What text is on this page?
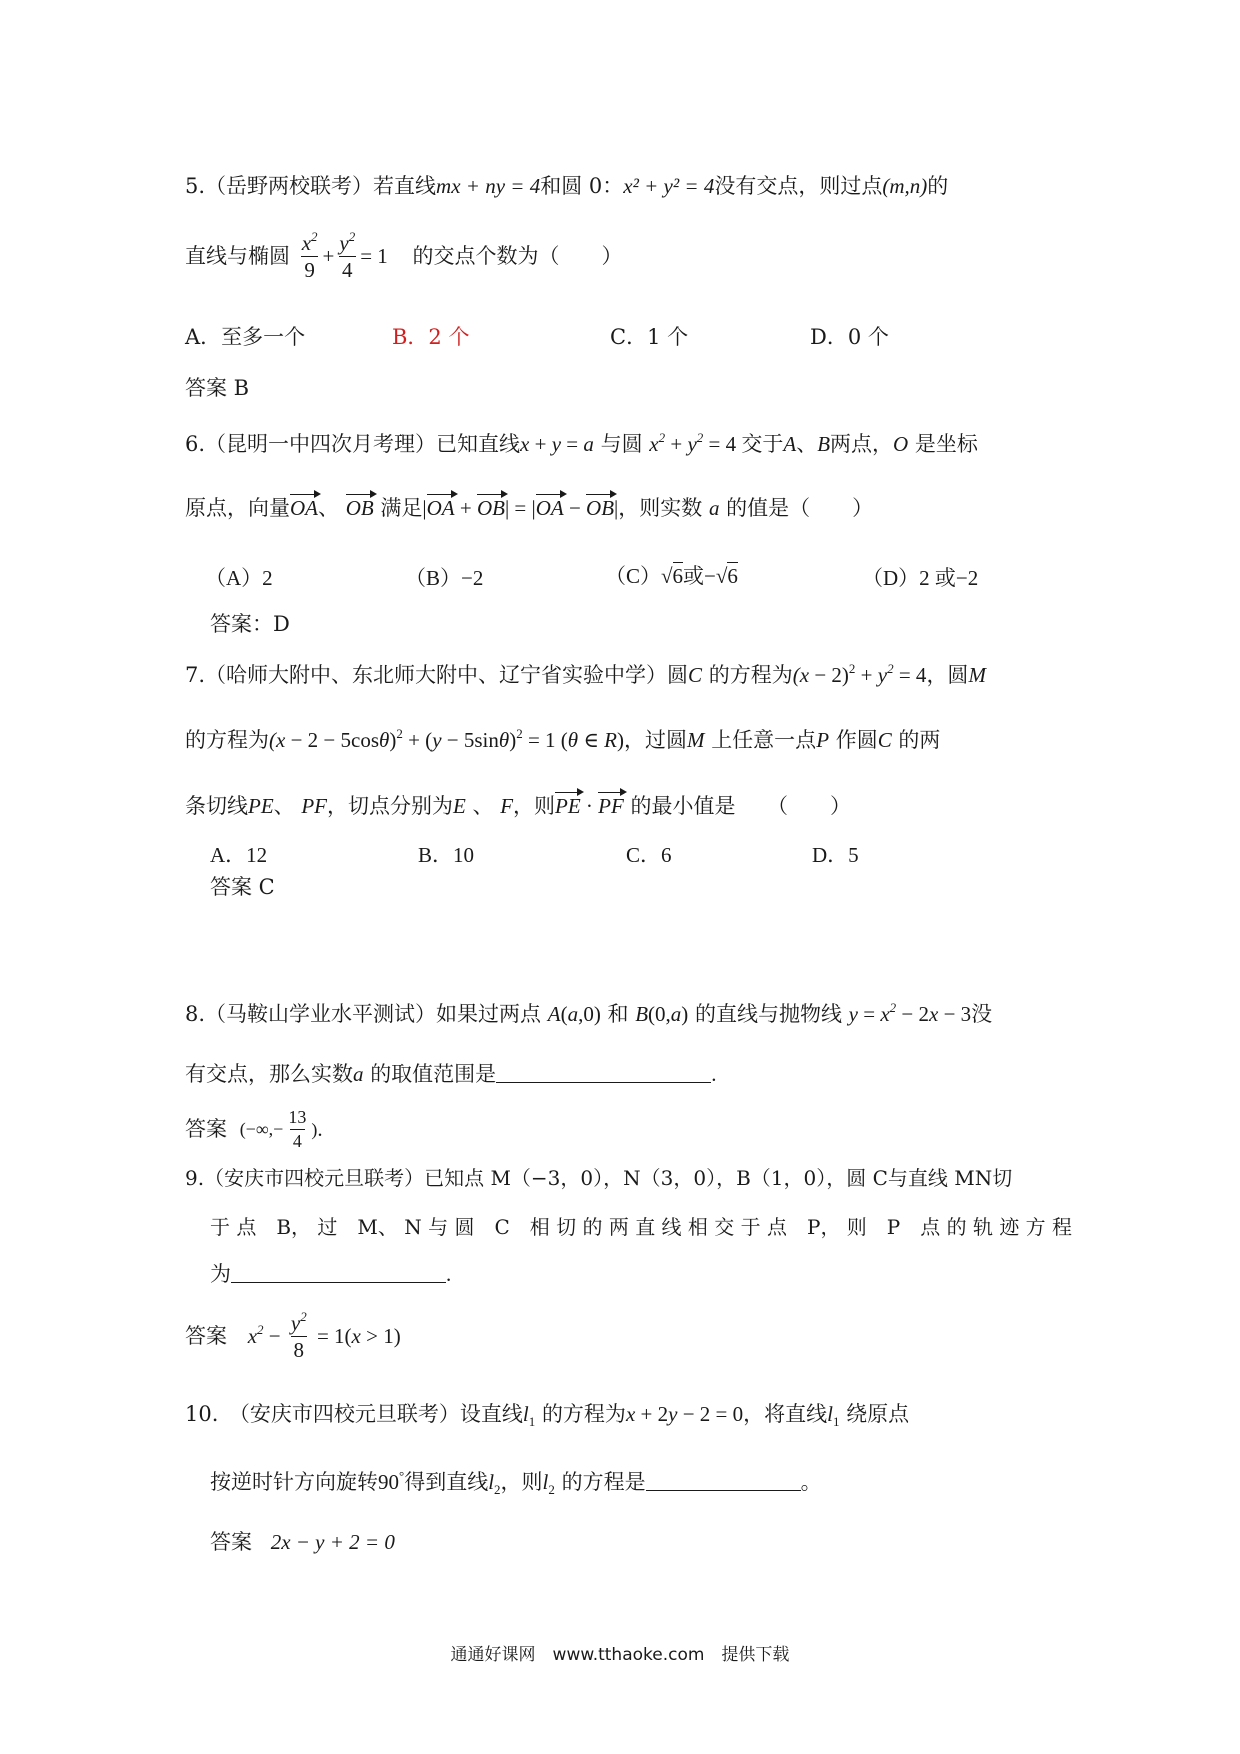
5.（岳野两校联考）若直线mx + ny = 4和圆 0：x² + y² = 4没有交点，则过点(m,n)的
直线与椭圆 $\frac{x^2}{9} + \frac{y^2}{4} = 1$ 的交点个数为（　　）
A．至多一个	B．2 个	C．1 个	D．0 个
答案 B
6.（昆明一中四次月考理）已知直线x + y = a 与圆 $x^2 + y^2 = 4$ 交于A、B两点，O 是坐标
原点，向量OA、 OB 满足|OA + OB| = |OA − OB|，则实数 a 的值是（　　）
（A）2	（B）−2	（C）√6或−√6	（D）2 或−2
答案：D
7.（哈师大附中、东北师大附中、辽宁省实验中学）圆C 的方程为$(x - 2)^2 + y^2 = 4$，圆M
的方程为$(x - 2 - 5\cos\theta)^2 + (y - 5\sin\theta)^2 = 1$ (θ ∈ R)，过圆M 上任意一点P 作圆C 的两
条切线PE、 PF，切点分别为E 、 F，则PE · PF 的最小值是　　（　　）
A．12	B．10	C．6	D．5
答案 C
8.（马鞍山学业水平测试）如果过两点 A(a,0) 和 B(0,a) 的直线与抛物线 $y = x^2 - 2x - 3$没
有交点，那么实数a 的取值范围是	.
答案 (−∞,− $\frac{13}{4}$ ).
9.（安庆市四校元旦联考）已知点 M（−3，0），N（3，0），B（1，0），圆 C与直线 MN切
于 点　B， 过　M、 N 与 圆　C　相 切 的 两 直 线 相 交 于 点　P， 则　P　点 的 轨 迹 方 程
为	.
答案 $x^2 - \frac{y^2}{8} = 1(x > 1)$
10.　（安庆市四校元旦联考）设直线$l_1$ 的方程为x + 2y − 2 = 0，将直线$l_1$ 绕原点
按逆时针方向旋转90°得到直线$l_2$，则$l_2$ 的方程是	。
答案 2x − y + 2 = 0
通通好课网　www.tthaoke.com　提供下载
